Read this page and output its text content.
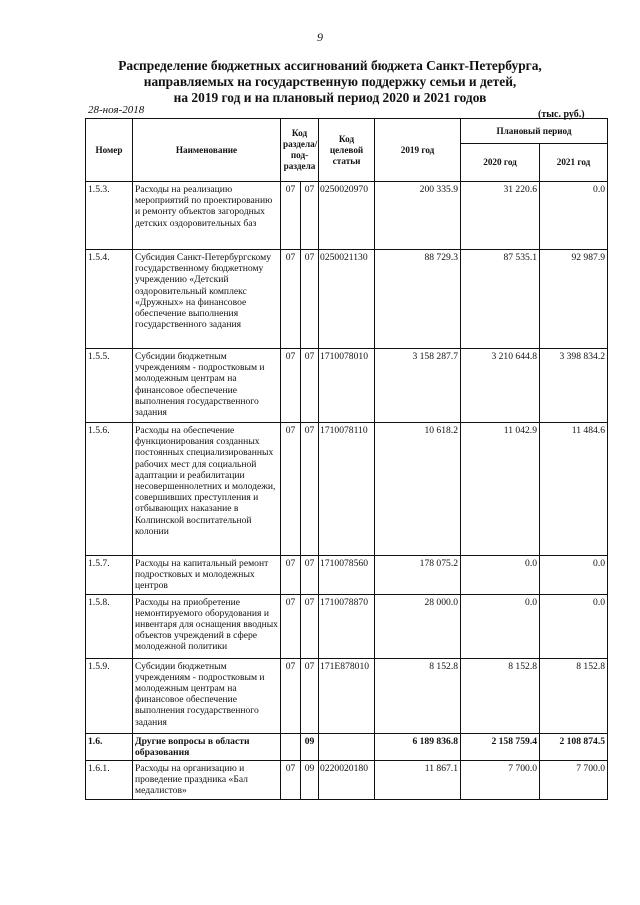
9
Распределение бюджетных ассигнований бюджета Санкт-Петербурга,
направляемых на государственную поддержку семьи и детей,
на 2019 год и на плановый период 2020 и 2021 годов
28-ноя-2018	(тыс. руб.)
Номер	Наименование	Код
раздела/
под-
раздела		Код
целевой
статьи	2019 год	Плановый период	
						2020 год	2021 год
1.5.3.	Расходы на реализацию мероприятий по проектированию и ремонту объектов загородных детских оздоровительных баз	07	07	0250020970	200 335.9	31 220.6	0.0
1.5.4.	Субсидия Санкт-Петербургскому государственному бюджетному учреждению «Детский оздоровительный комплекс «Дружных» на финансовое обеспечение выполнения государственного задания	07	07	0250021130	88 729.3	87 535.1	92 987.9
1.5.5.	Субсидии бюджетным учреждениям - подростковым и молодежным центрам на финансовое обеспечение выполнения государственного задания	07	07	1710078010	3 158 287.7	3 210 644.8	3 398 834.2
1.5.6.	Расходы на обеспечение функционирования созданных постоянных специализированных рабочих мест для социальной адаптации и реабилитации несовершеннолетних и молодежи, совершивших преступления и отбывающих наказание в Колпинской воспитательной колонии	07	07	1710078110	10 618.2	11 042.9	11 484.6
1.5.7.	Расходы на капитальный ремонт подростковых и молодежных центров	07	07	1710078560	178 075.2	0.0	0.0
1.5.8.	Расходы на приобретение немонтируемого оборудования и инвентаря для оснащения вводных объектов учреждений в сфере молодежной политики	07	07	1710078870	28 000.0	0.0	0.0
1.5.9.	Субсидии бюджетным учреждениям - подростковым и молодежным центрам на финансовое обеспечение выполнения государственного задания	07	07	171E878010	8 152.8	8 152.8	8 152.8
1.6.	Другие вопросы в области образования		09		6 189 836.8	2 158 759.4	2 108 874.5
1.6.1.	Расходы на организацию и проведение праздника «Бал медалистов»	07	09	0220020180	11 867.1	7 700.0	7 700.0
